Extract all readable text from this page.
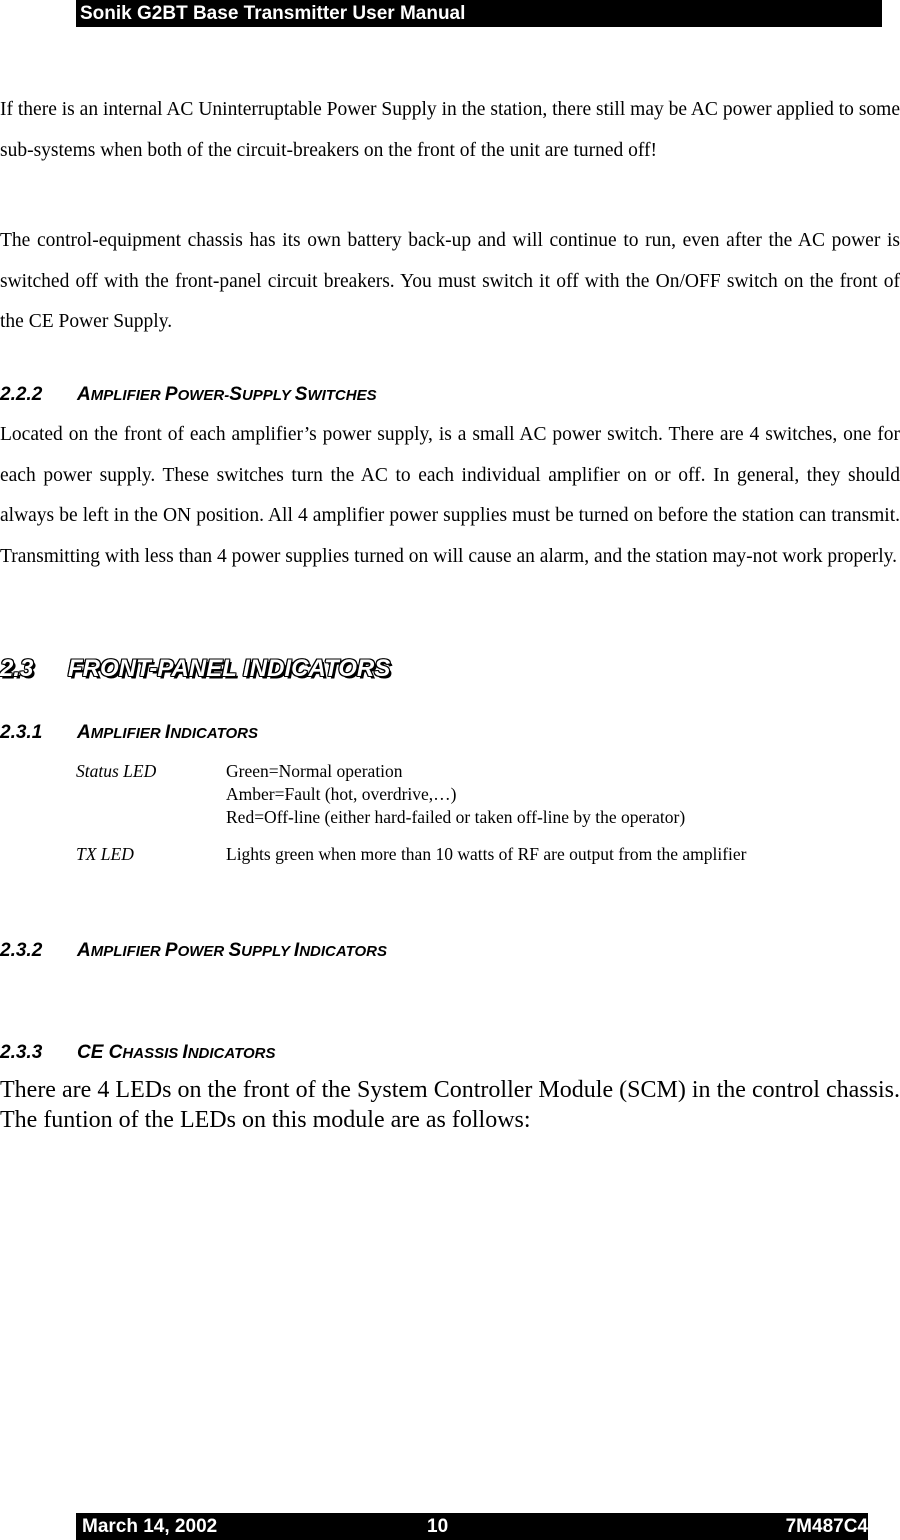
Sonik G2BT Base Transmitter User Manual

If there is an internal AC Uninterruptable Power Supply in the station, there still may be AC power applied to some sub-systems when both of the circuit-breakers on the front of the unit are turned off!

The control-equipment chassis has its own battery back-up and will continue to run, even after the AC power is switched off with the front-panel circuit breakers. You must switch it off with the On/OFF switch on the front of the CE Power Supply.

2.2.2 AMPLIFIER POWER-SUPPLY SWITCHES

Located on the front of each amplifier’s power supply, is a small AC power switch. There are 4 switches, one for each power supply. These switches turn the AC to each individual amplifier on or off. In general, they should always be left in the ON position. All 4 amplifier power supplies must be turned on before the station can transmit. Transmitting with less than 4 power supplies turned on will cause an alarm, and the station may-not work properly.

2.3 FRONT-PANEL INDICATORS
2.3.1 AMPLIFIER INDICATORS
Status LED	Green=Normal operation
Amber=Fault (hot, overdrive,…)
Red=Off-line (either hard-failed or taken off-line by the operator)
TX LED	Lights green when more than 10 watts of RF are output from the amplifier
2.3.2 AMPLIFIER POWER SUPPLY INDICATORS
2.3.3 CE CHASSIS INDICATORS

There are 4 LEDs on the front of the System Controller Module (SCM) in the control chassis. The funtion of the LEDs on this module are as follows:

March 14, 2002	10	7M487C4
